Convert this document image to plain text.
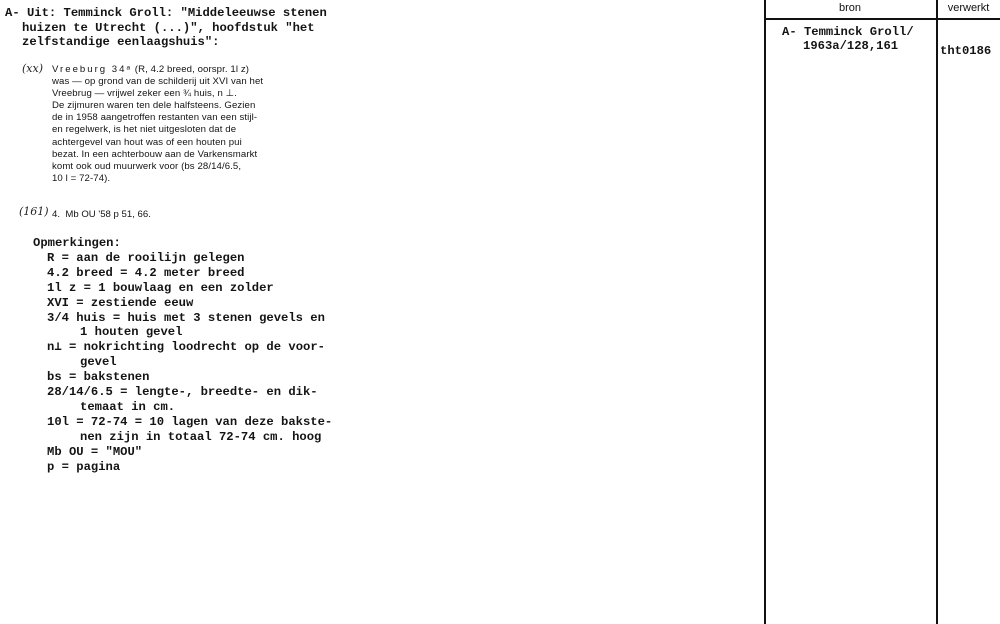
A- Uit: Temminck Groll: "Middeleeuwse stenen
huizen te Utrecht (...)", hoofdstuk "het
zelfstandige eenlaagshuis":
(xx)
(161)
Vreeburg 34ᵃ (R, 4.2 breed, oorspr. 1l z)
was — op grond van de schilderij uit XVI van het
Vreebrug — vrijwel zeker een ¾ huis, n ⊥.
De zijmuren waren ten dele halfsteens. Gezien
de in 1958 aangetroffen restanten van een stijl-
en regelwerk, is het niet uitgesloten dat de
achtergevel van hout was of een houten pui
bezat. In een achterbouw aan de Varkensmarkt
komt ook oud muurwerk voor (bs 28/14/6.5,
10 l = 72-74).
4.  Mb OU '58 p 51, 66.
Opmerkingen:
R = aan de rooilijn gelegen
4.2 breed = 4.2 meter breed
1l z = 1 bouwlaag en een zolder
XVI = zestiende eeuw
3/4 huis = huis met 3 stenen gevels en
1 houten gevel
n⊥ = nokrichting loodrecht op de voor-
gevel
bs = bakstenen
28/14/6.5 = lengte-, breedte- en dik-
temaat in cm.
10l = 72-74 = 10 lagen van deze bakste-
nen zijn in totaal 72-74 cm. hoog
Mb OU = "MOU"
p = pagina
bron	verwerkt
A- Temminck Groll/
1963a/128,161	tht0186
